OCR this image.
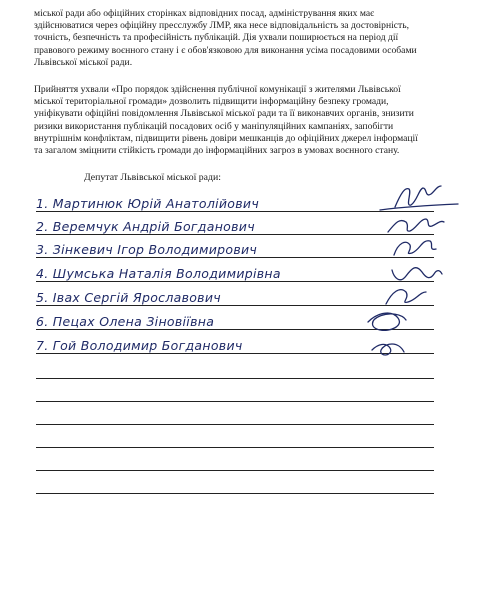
міської ради або офіційних сторінках відповідних посад, адміністрування яких має
здійснюватися через офіційну пресслужбу ЛМР, яка несе відповідальність за достовірність,
точність, безпечність та професійність публікацій. Дія ухвали поширюється на період дії
правового режиму воєнного стану і є обов'язковою для виконання усіма посадовими особами
Львівської міської ради.
Прийняття ухвали «Про порядок здійснення публічної комунікації з жителями Львівської
міської територіальної громади» дозволить підвищити інформаційну безпеку громади,
уніфікувати офіційні повідомлення Львівської міської ради та її виконавчих органів, знизити
ризики використання публікацій посадових осіб у маніпуляційних кампаніях, запобігти
внутрішнім конфліктам, підвищити рівень довіри мешканців до офіційних джерел інформації
та загалом зміцнити стійкість громади до інформаційних загроз в умовах воєнного стану.
Депутат Львівської міської ради:
1. Мартинюк Юрій Анатолійович
2. Веремчук Андрій Богданович
3. Зінкевич Ігор Володимирович
4. Шумська Наталія Володимирівна
5. Івах Сергій Ярославович
6. Пецах Олена Зіновіївна
7. Гой Володимир Богданович
